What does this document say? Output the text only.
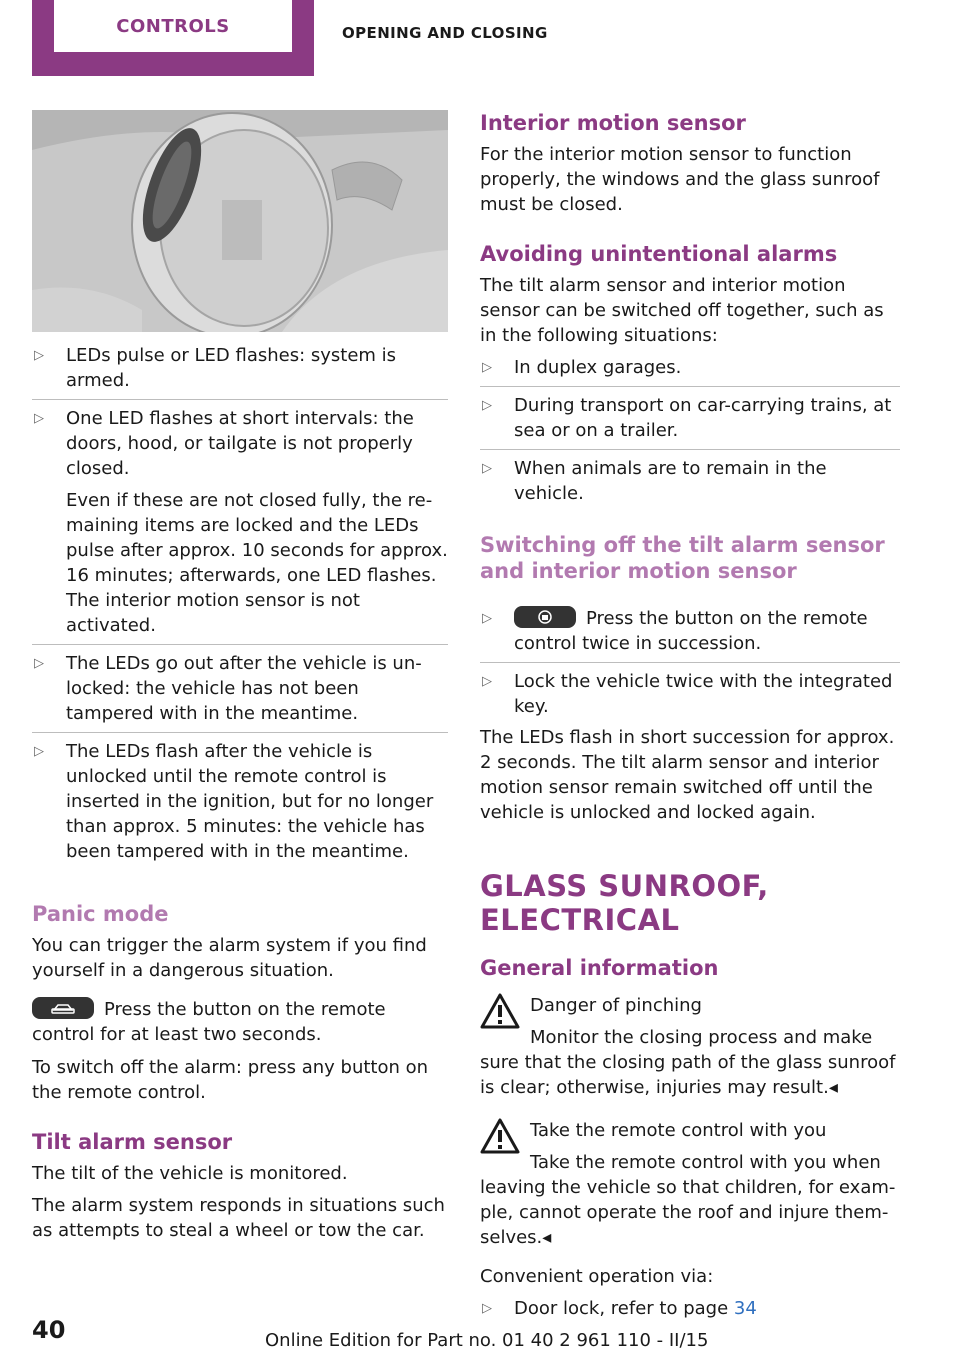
CONTROLS	OPENING AND CLOSING
▷ LEDs pulse or LED flashes: system is armed.
▷ One LED flashes at short intervals: the doors, hood, or tailgate is not properly closed.

Even if these are not closed fully, the remaining items are locked and the LEDs pulse after approx. 10 seconds for approx. 16 minutes; afterwards, one LED flashes. The interior motion sensor is not activated.

▷ The LEDs go out after the vehicle is unlocked: the vehicle has not been tampered with in the meantime.
▷ The LEDs flash after the vehicle is unlocked until the remote control is inserted in the ignition, but for no longer than approx. 5 minutes: the vehicle has been tampered with in the meantime.
Panic mode

You can trigger the alarm system if you find yourself in a dangerous situation.

Press the button on the remote control for at least two seconds.

To switch off the alarm: press any button on the remote control.

Tilt alarm sensor

The tilt of the vehicle is monitored.

The alarm system responds in situations such as attempts to steal a wheel or tow the car.

Interior motion sensor

For the interior motion sensor to function properly, the windows and the glass sunroof must be closed.

Avoiding unintentional alarms

The tilt alarm sensor and interior motion sensor can be switched off together, such as in the following situations:

▷ In duplex garages.
▷ During transport on car-carrying trains, at sea or on a trailer.
▷ When animals are to remain in the vehicle.
Switching off the tilt alarm sensor and interior motion sensor
▷	Press the button on the remote control twice in succession.
▷ Lock the vehicle twice with the integrated key.

The LEDs flash in short succession for approx. 2 seconds. The tilt alarm sensor and interior motion sensor remain switched off until the vehicle is unlocked and locked again.

GLASS SUNROOF, ELECTRICAL
General information

Danger of pinching

Monitor the closing process and make sure that the closing path of the glass sunroof is clear; otherwise, injuries may result.◂

Take the remote control with you

Take the remote control with you when leaving the vehicle so that children, for example, cannot operate the roof and injure themselves.◂

Convenient operation via:

▷ Door lock, refer to page 34
40	Online Edition for Part no. 01 40 2 961 110 - II/15
